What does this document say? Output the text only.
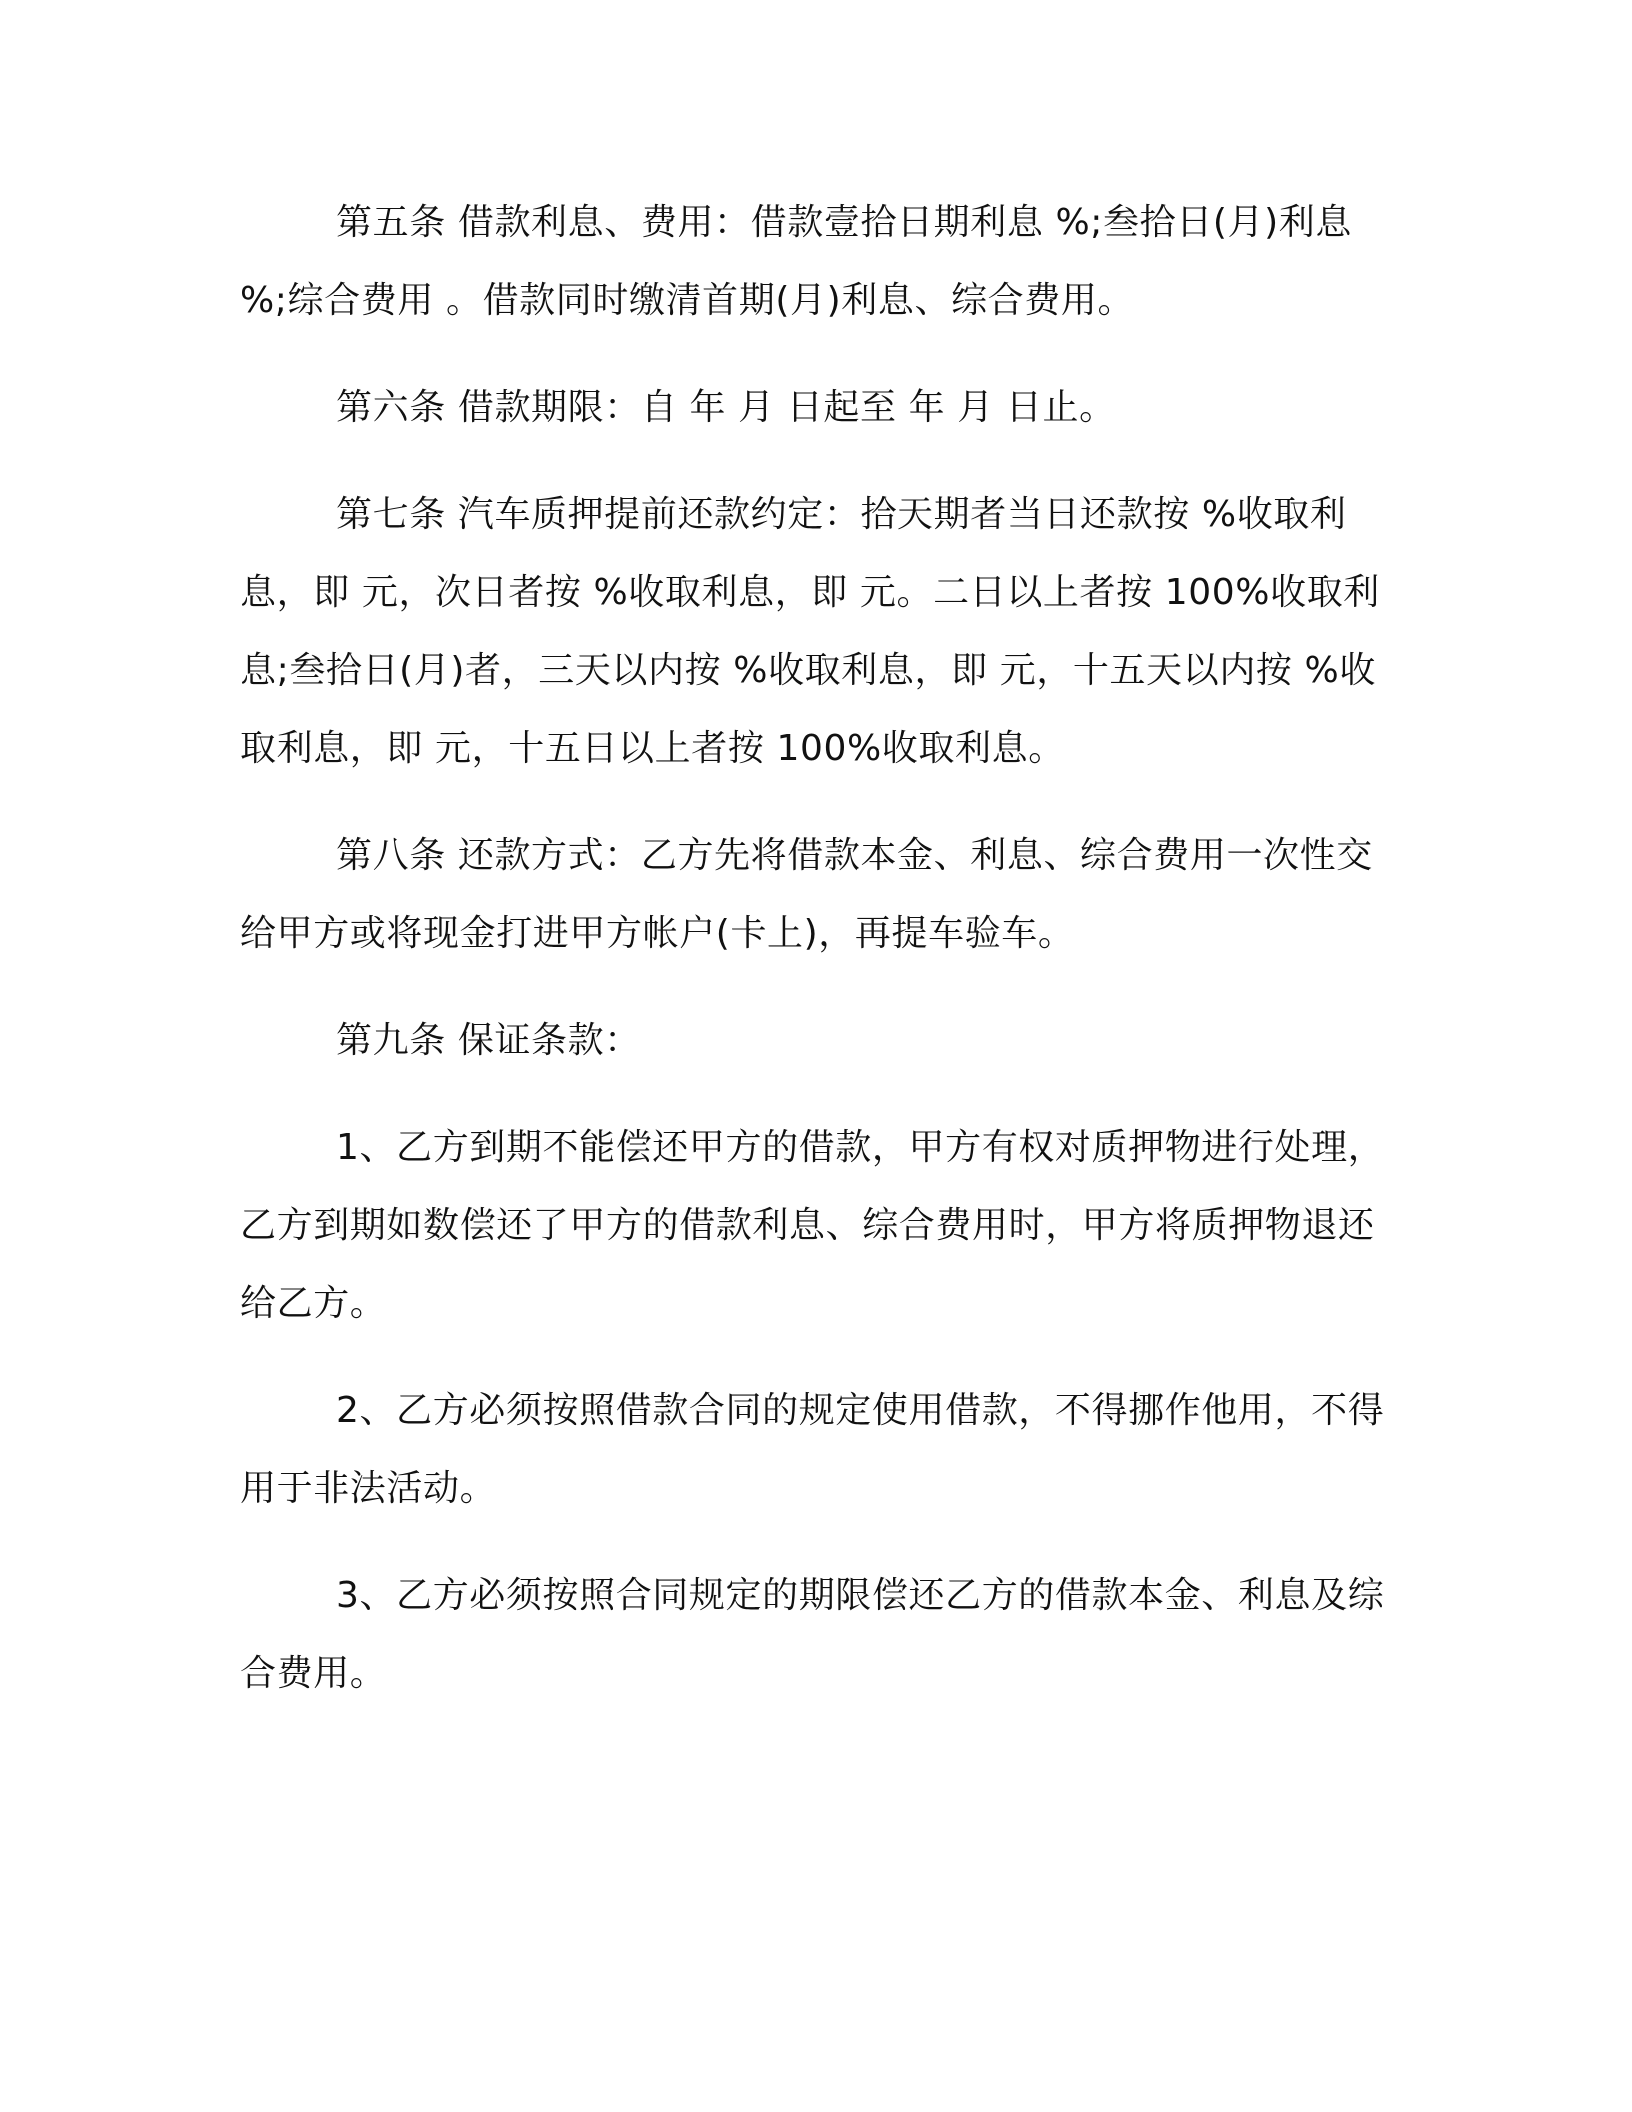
第五条 借款利息、费用：借款壹拾日期利息 %;叁拾日(月)利息 %;综合费用 。借款同时缴清首期(月)利息、综合费用。

第六条 借款期限：自 年 月 日起至 年 月 日止。

第七条 汽车质押提前还款约定：拾天期者当日还款按 %收取利息，即 元，次日者按 %收取利息，即 元。二日以上者按 100%收取利息;叁拾日(月)者，三天以内按 %收取利息，即 元，十五天以内按 %收取利息，即 元，十五日以上者按 100%收取利息。

第八条 还款方式：乙方先将借款本金、利息、综合费用一次性交给甲方或将现金打进甲方帐户(卡上)，再提车验车。

第九条 保证条款：

1、乙方到期不能偿还甲方的借款，甲方有权对质押物进行处理，乙方到期如数偿还了甲方的借款利息、综合费用时，甲方将质押物退还给乙方。

2、乙方必须按照借款合同的规定使用借款，不得挪作他用，不得用于非法活动。

3、乙方必须按照合同规定的期限偿还乙方的借款本金、利息及综合费用。
